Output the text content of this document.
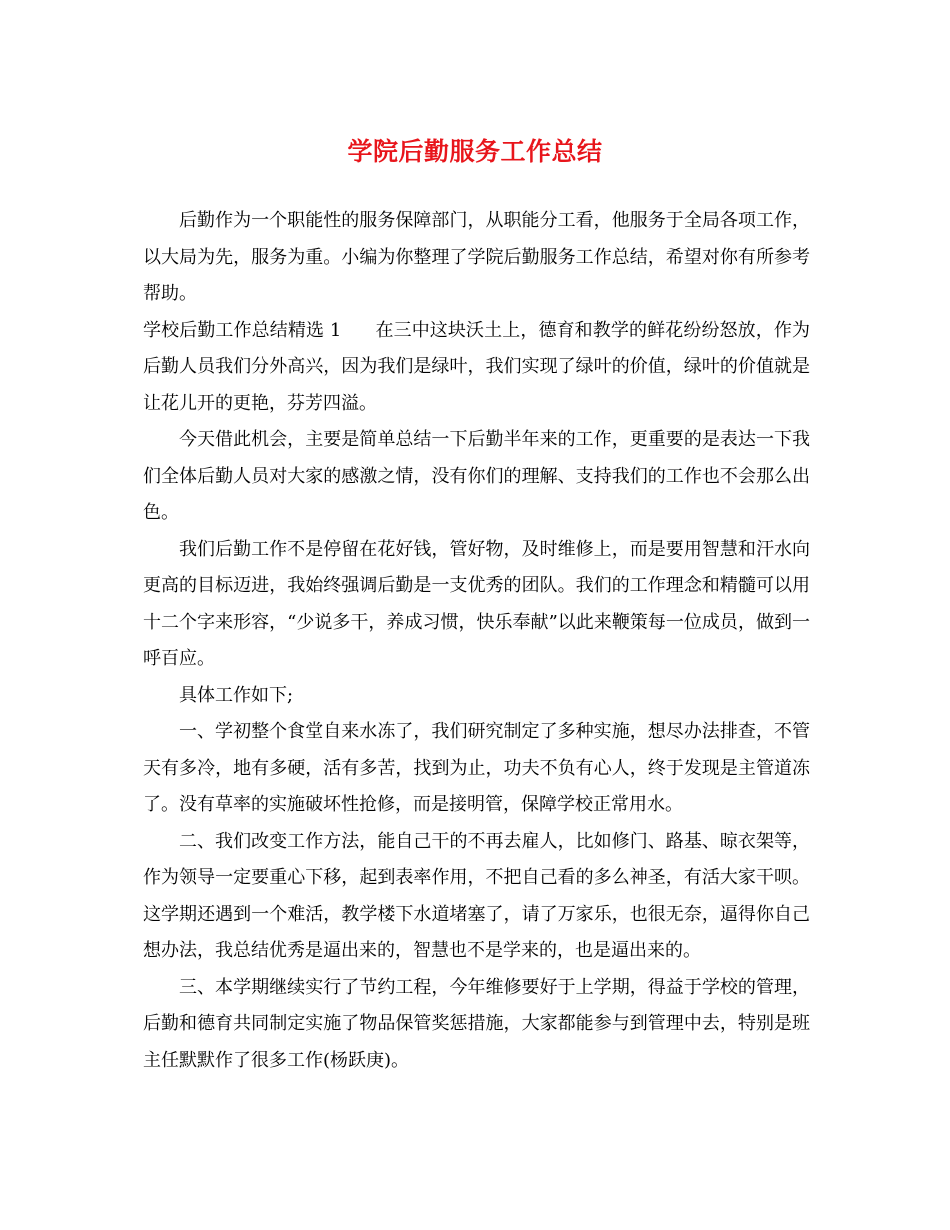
学院后勤服务工作总结

后勤作为一个职能性的服务保障部门，从职能分工看，他服务于全局各项工作，以大局为先，服务为重。小编为你整理了学院后勤服务工作总结，希望对你有所参考帮助。

学校后勤工作总结精选 1 在三中这块沃土上，德育和教学的鲜花纷纷怒放，作为后勤人员我们分外高兴，因为我们是绿叶，我们实现了绿叶的价值，绿叶的价值就是让花儿开的更艳，芬芳四溢。

今天借此机会，主要是简单总结一下后勤半年来的工作，更重要的是表达一下我们全体后勤人员对大家的感激之情，没有你们的理解、支持我们的工作也不会那么出色。

我们后勤工作不是停留在花好钱，管好物，及时维修上，而是要用智慧和汗水向更高的目标迈进，我始终强调后勤是一支优秀的团队。我们的工作理念和精髓可以用十二个字来形容，“少说多干，养成习惯，快乐奉献”以此来鞭策每一位成员，做到一呼百应。

具体工作如下;

一、学初整个食堂自来水冻了，我们研究制定了多种实施，想尽办法排查，不管天有多冷，地有多硬，活有多苦，找到为止，功夫不负有心人，终于发现是主管道冻了。没有草率的实施破坏性抢修，而是接明管，保障学校正常用水。

二、我们改变工作方法，能自己干的不再去雇人，比如修门、路基、晾衣架等，作为领导一定要重心下移，起到表率作用，不把自己看的多么神圣，有活大家干呗。这学期还遇到一个难活，教学楼下水道堵塞了，请了万家乐，也很无奈，逼得你自己想办法，我总结优秀是逼出来的，智慧也不是学来的，也是逼出来的。

三、本学期继续实行了节约工程，今年维修要好于上学期，得益于学校的管理，后勤和德育共同制定实施了物品保管奖惩措施，大家都能参与到管理中去，特别是班主任默默作了很多工作(杨跃庚)。
